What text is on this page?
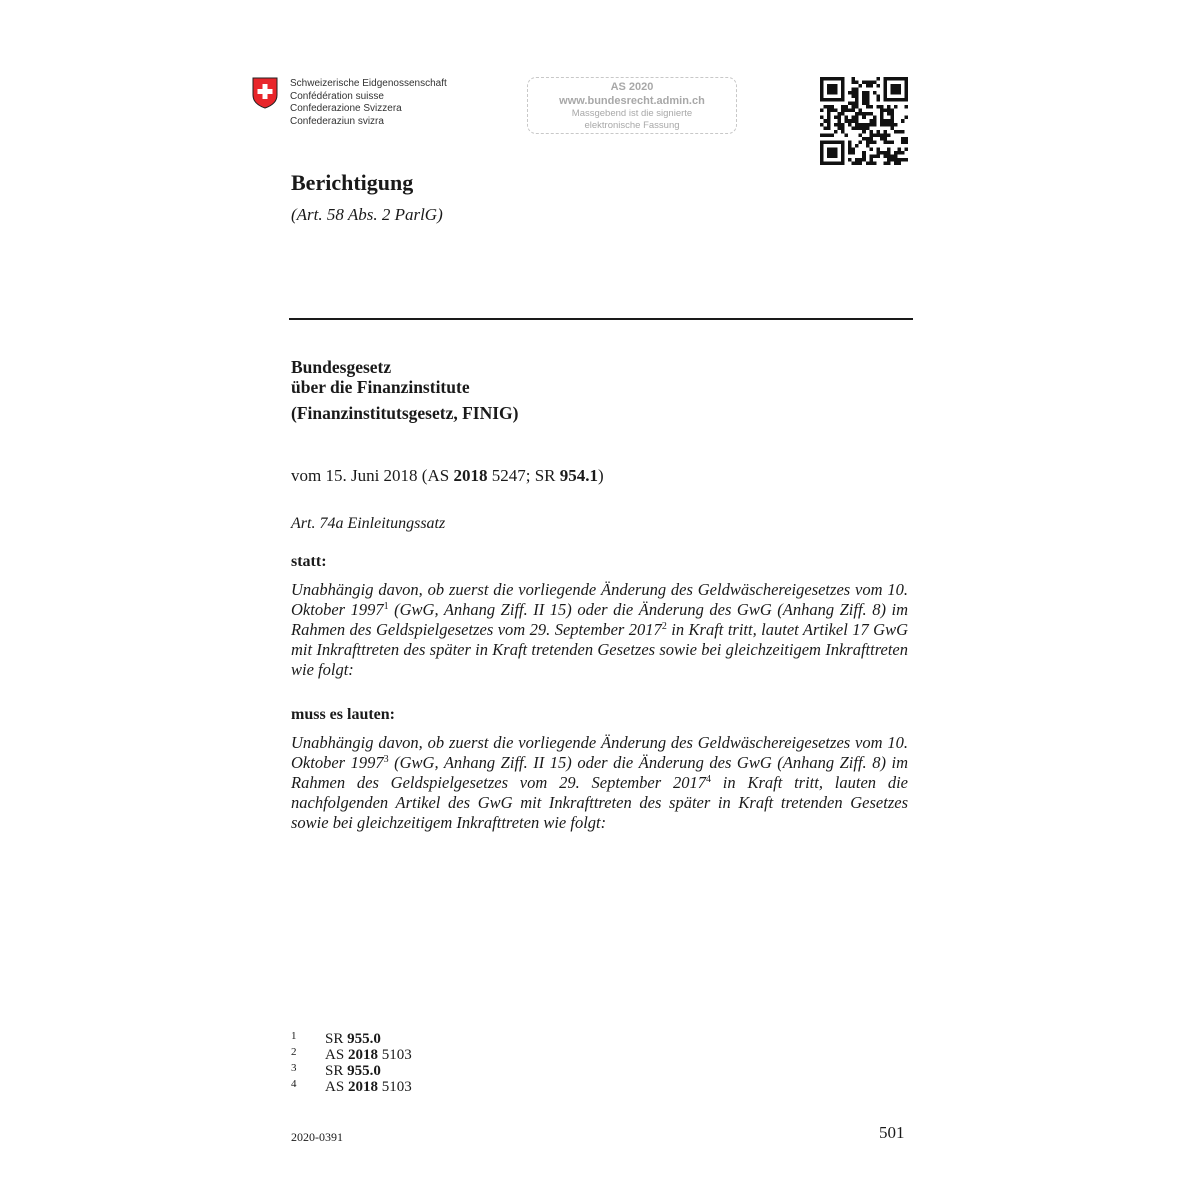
Schweizerische Eidgenossenschaft
Confédération suisse
Confederazione Svizzera
Confederaziun svizra
AS 2020
www.bundesrecht.admin.ch
Massgebend ist die signierte
elektronische Fassung
Berichtigung
(Art. 58 Abs. 2 ParlG)
Bundesgesetz
über die Finanzinstitute
(Finanzinstitutsgesetz, FINIG)
vom 15. Juni 2018 (AS 2018 5247; SR 954.1)
Art. 74a Einleitungssatz
statt:
Unabhängig davon, ob zuerst die vorliegende Änderung des Geldwäschereigesetzes vom 10. Oktober 1997$^1$ (GwG, Anhang Ziff. II 15) oder die Änderung des GwG (Anhang Ziff. 8) im Rahmen des Geldspielgesetzes vom 29. September 2017$^2$ in Kraft tritt, lautet Artikel 17 GwG mit Inkrafttreten des später in Kraft tretenden Gesetzes sowie bei gleichzeitigem Inkrafttreten wie folgt:
muss es lauten:
Unabhängig davon, ob zuerst die vorliegende Änderung des Geldwäschereigesetzes vom 10. Oktober 1997$^3$ (GwG, Anhang Ziff. II 15) oder die Änderung des GwG (Anhang Ziff. 8) im Rahmen des Geldspielgesetzes vom 29. September 2017$^4$ in Kraft tritt, lauten die nachfolgenden Artikel des GwG mit Inkrafttreten des später in Kraft tretenden Gesetzes sowie bei gleichzeitigem Inkrafttreten wie folgt:
1	SR 955.0
2	AS 2018 5103
3	SR 955.0
4	AS 2018 5103
2020-0391	501
